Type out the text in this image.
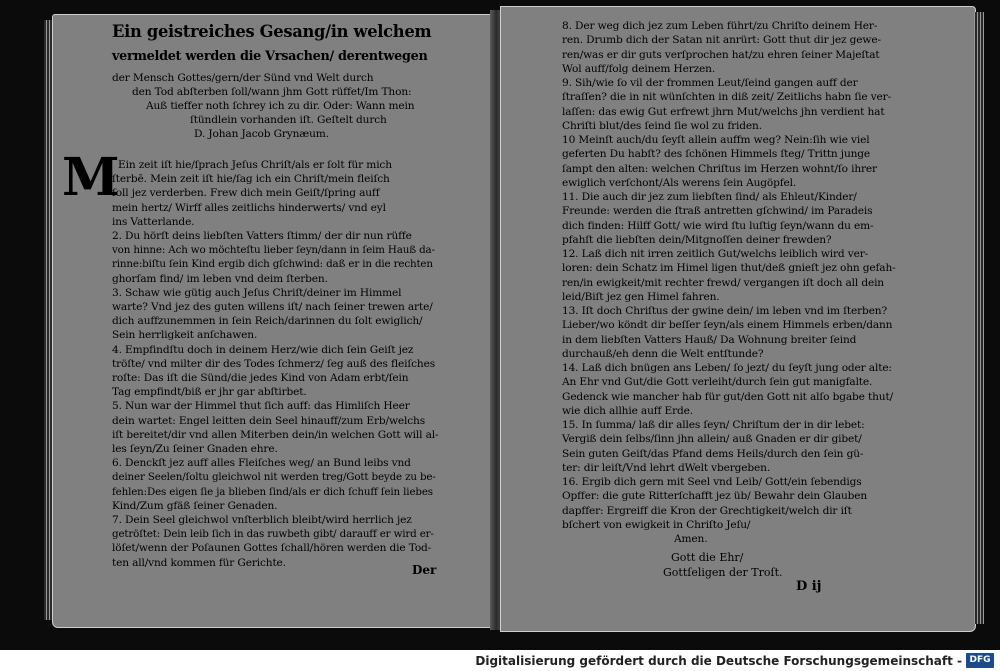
Ein geistreiches Gesang/in welchem
vermeldet werden die Vrsachen/ derentwegen
M
Der
Gott die Ehr/
Gottſeligen der Troſt.
D ij
der Mensch Gottes/gern/der Sünd vnd Welt durch
den Tod abſterben ſoll/wann jhm Gott rüffet/Im Thon:
Auß tieffer noth ſchrey ich zu dir. Oder: Wann mein
ſtündlein vorhanden iſt. Geſtelt durch
D. Johan Jacob Grynæum.
Ein zeit iſt hie/ſprach Jeſus Chriſt/als er ſolt für mich
ſterbē. Mein zeit iſt hie/ſag ich ein Chriſt/mein fleiſch
ſoll jez verderben. Frew dich mein Geiſt/ſpring auff
mein hertz/ Wirff alles zeitlichs hinderwerts/ vnd eyl
ins Vatterlande.
2. Du hörſt deins liebſten Vatters ſtimm/ der dir nun rüffe
von hinne: Ach wo möchteſtu lieber ſeyn/dann in ſeim Hauß da-
rinne:biſtu ſein Kind ergib dich gſchwind: daß er in die rechten
ghorſam find/ im leben vnd deim ſterben.
3. Schaw wie gütig auch Jeſus Chriſt/deiner im Himmel
warte? Vnd jez des guten willens iſt/ nach ſeiner trewen arte/
dich auffzunemmen in ſein Reich/darinnen du ſolt ewiglich/
Sein herrligkeit anſchawen.
4. Empfindſtu doch in deinem Herz/wie dich ſein Geiſt jez
tröſte/ vnd milter dir des Todes ſchmerz/ ſeg auß des fleiſches
roſte: Das iſt die Sünd/die jedes Kind von Adam erbt/ſein
Tag empfindt/biß er jhr gar abſtirbet.
5. Nun war der Himmel thut ſich auff: das Himliſch Heer
dein wartet: Engel leitten dein Seel hinauff/zum Erb/welchs
iſt bereitet/dir vnd allen Miterben dein/in welchen Gott will al-
les ſeyn/Zu ſeiner Gnaden ehre.
6. Denckſt jez auff alles Fleiſches weg/ an Bund leibs vnd
deiner Seelen/ſoltu gleichwol nit werden treg/Gott beyde zu be-
fehlen:Des eigen ſie ja blieben ſind/als er dich ſchuff ſein liebes
Kind/Zum gfäß ſeiner Genaden.
7. Dein Seel gleichwol vnſterblich bleibt/wird herrlich jez
getröſtet: Dein leib ſich in das ruwbeth gibt/ darauff er wird er-
löſet/wenn der Poſaunen Gottes ſchall/hören werden die Tod-
ten all/vnd kommen für Gerichte.
8. Der weg dich jez zum Leben führt/zu Chriſto deinem Her-
ren. Drumb dich der Satan nit anrürt: Gott thut dir jez gewe-
ren/was er dir guts verſprochen hat/zu ehren ſeiner Majeſtat
Wol auff/folg deinem Herzen.
9. Sih/wie ſo vil der frommen Leut/ſeind gangen auff der
ſtraſſen? die in nit wünſchten in diß zeit/ Zeitlichs habn ſie ver-
laſſen: das ewig Gut erfrewt jhrn Mut/welchs jhn verdient hat
Chriſti blut/des ſeind ſie wol zu friden.
10 Meinſt auch/du ſeyſt allein auffm weg? Nein:ſih wie viel
geferten Du habſt? des ſchönen Himmels ſteg/ Trittn junge
ſampt den alten: welchen Chriſtus im Herzen wohnt/ſo ihrer
ewiglich verſchont/Als werens ſein Augöpfel.
11. Die auch dir jez zum liebſten ſind/ als Ehleut/Kinder/
Freunde: werden die ſtraß antretten gſchwind/ im Paradeis
dich finden: Hilff Gott/ wie wird ſtu luſtig ſeyn/wann du em-
pfahſt die liebſten dein/Mitgnoſſen deiner frewden?
12. Laß dich nit irren zeitlich Gut/welchs leiblich wird ver-
loren: dein Schatz im Himel ligen thut/deß gnieſt jez ohn gefah-
ren/in ewigkeit/mit rechter frewd/ vergangen iſt doch all dein
leid/Biſt jez gen Himel fahren.
13. Iſt doch Chriſtus der gwine dein/ im leben vnd im ſterben?
Lieber/wo köndt dir beſſer ſeyn/als einem Himmels erben/dann
in dem liebſten Vatters Hauß/ Da Wohnung breiter ſeind
durchauß/eh denn die Welt entſtunde?
14. Laß dich bnügen ans Leben/ ſo jezt/ du ſeyſt jung oder alte:
An Ehr vnd Gut/die Gott verleiht/durch ſein gut manigfalte.
Gedenck wie mancher hab für gut/den Gott nit alſo bgabe thut/
wie dich allhie auff Erde.
15. In ſumma/ laß dir alles ſeyn/ Chriſtum der in dir lebet:
Vergiß dein ſelbs/ſinn jhn allein/ auß Gnaden er dir gibet/
Sein guten Geiſt/das Pfand dems Heils/durch den ſein gü-
ter: dir leiſt/Vnd lehrt dWelt vbergeben.
16. Ergib dich gern mit Seel vnd Leib/ Gott/ein ſebendigs
Opffer: die gute Ritterſchafft jez üb/ Bewahr dein Glauben
dapffer: Ergreiff die Kron der Grechtigkeit/welch dir iſt
bſchert von ewigkeit in Chriſto Jeſu/
Amen.
Digitalisierung gefördert durch die Deutsche Forschungsgemeinschaft - DFG
